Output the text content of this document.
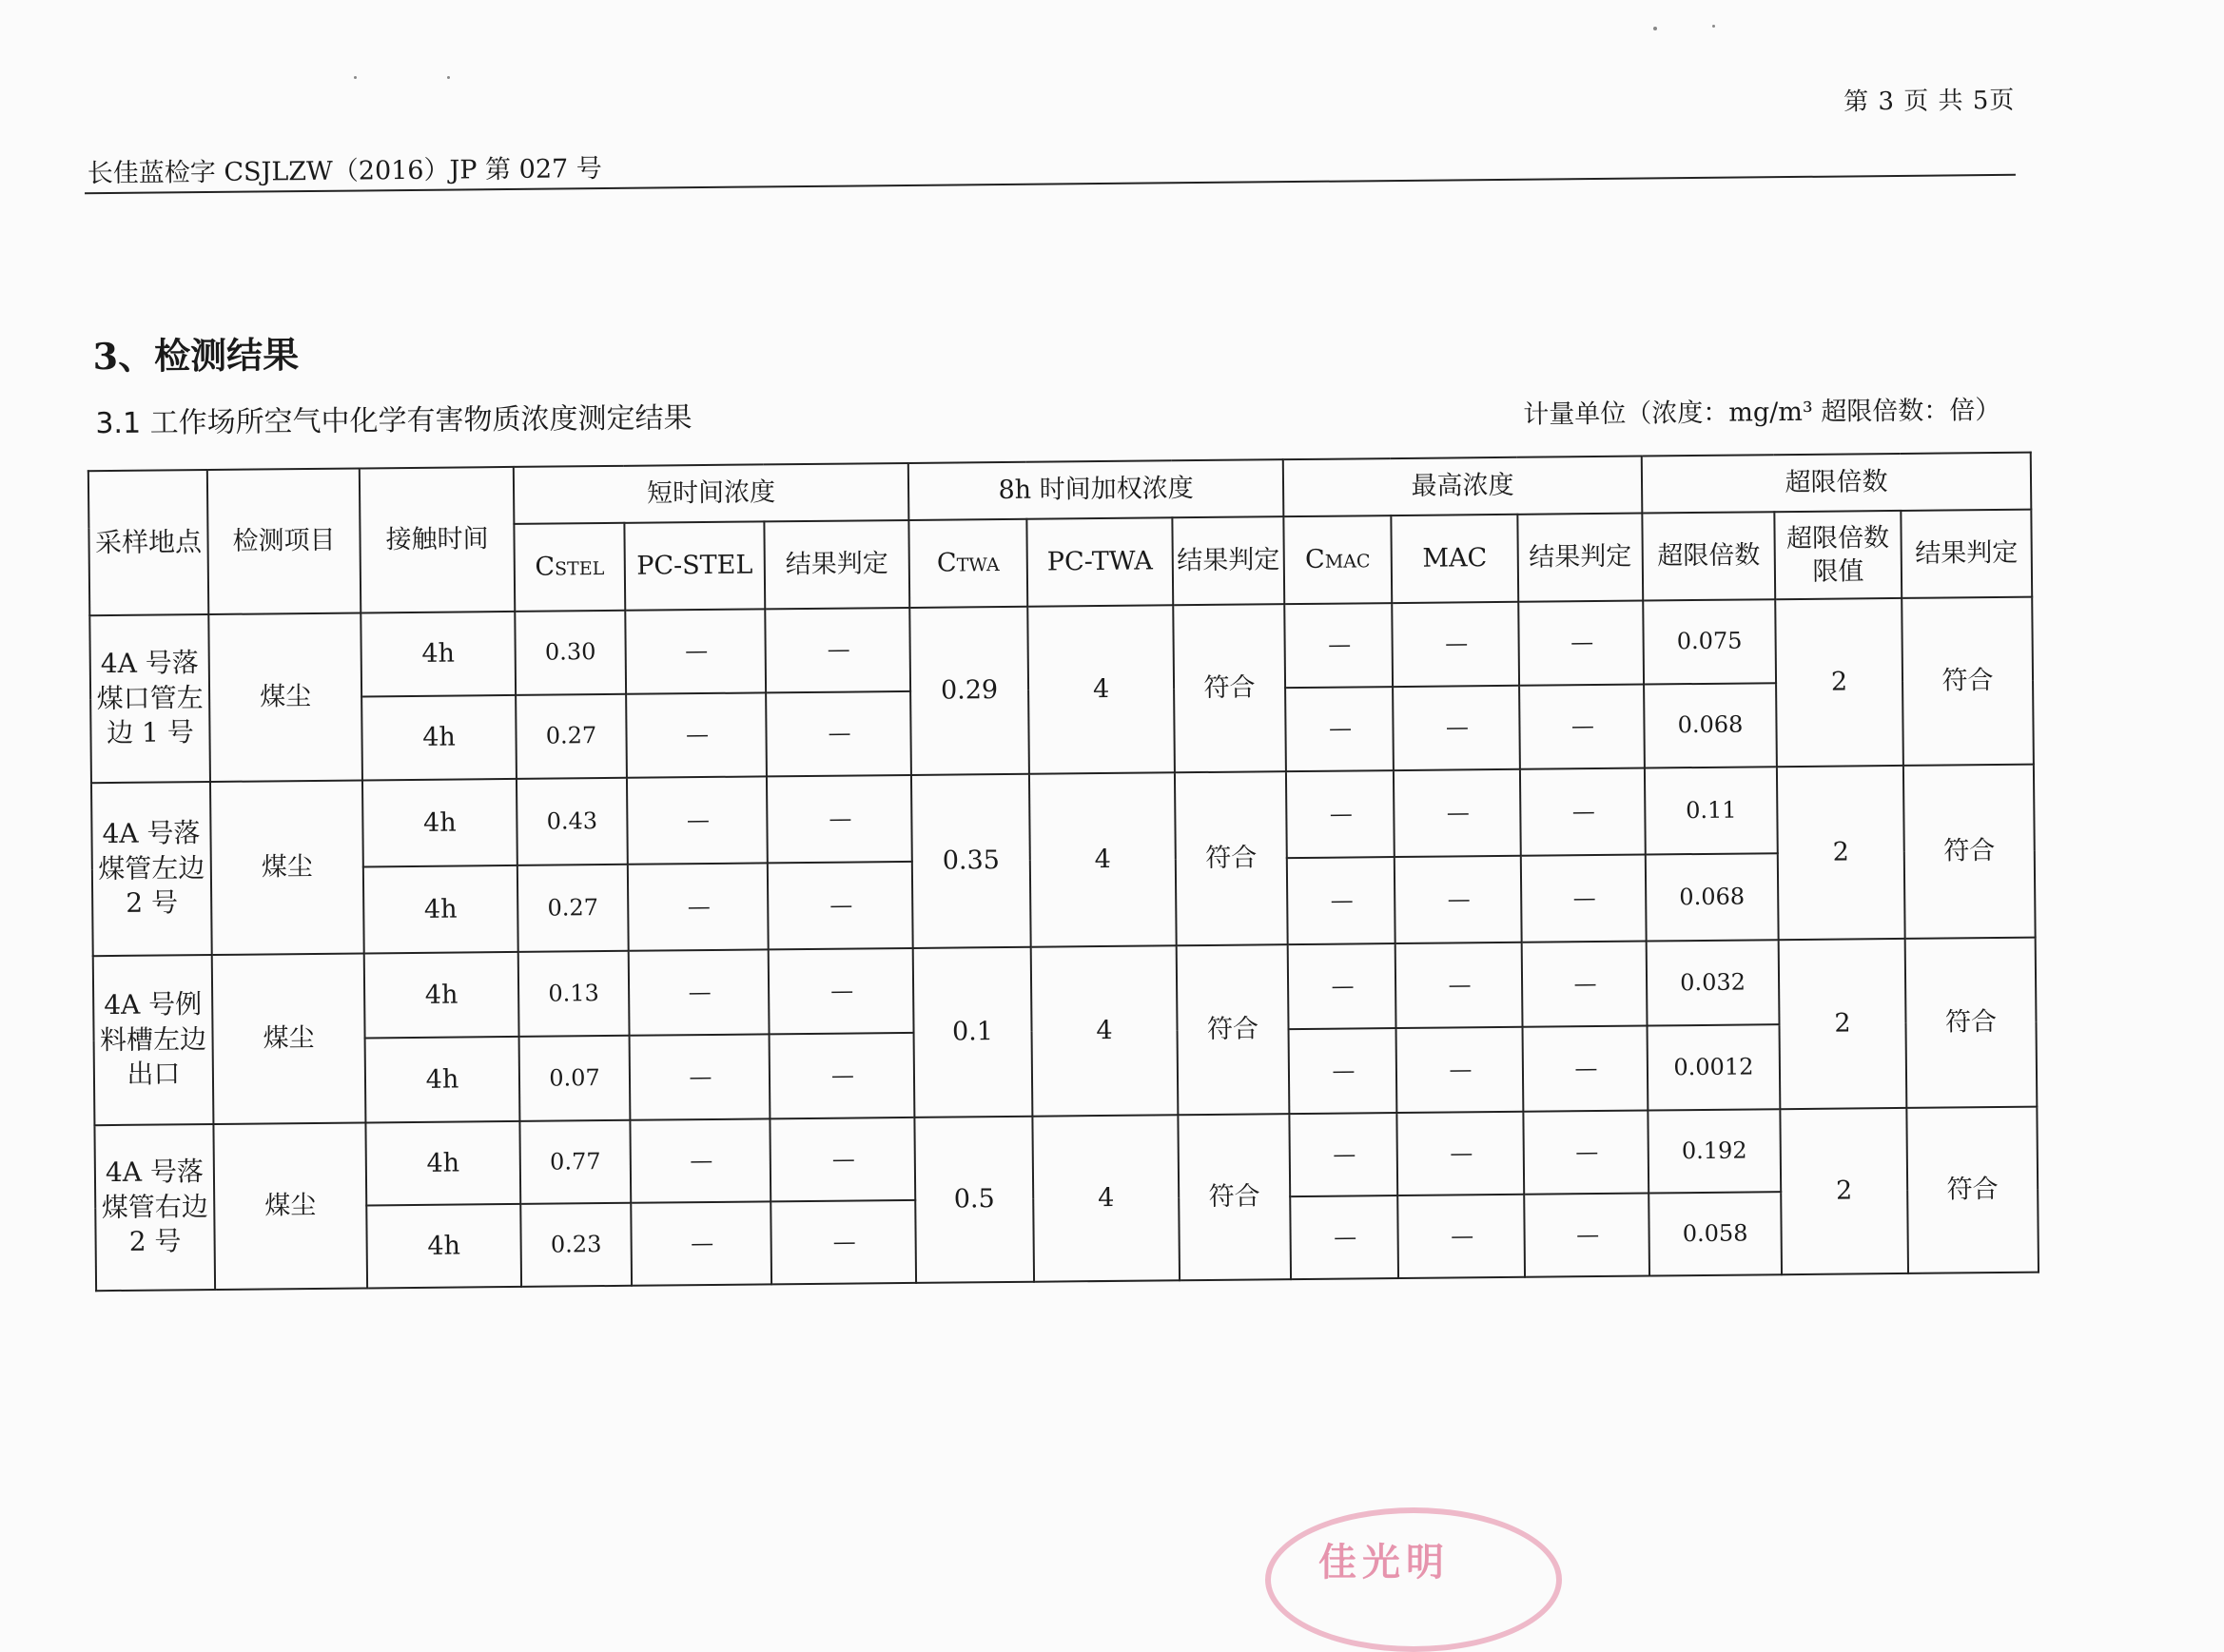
第 3 页 共 5页
长佳蓝检字 CSJLZW（2016）JP 第 027 号
3、检测结果
3.1 工作场所空气中化学有害物质浓度测定结果	计量单位（浓度：mg/m³ 超限倍数：倍）
采样地点	检测项目	接触时间	短时间浓度			8h 时间加权浓度			最高浓度			超限倍数		
			CSTEL	PC-STEL	结果判定	CTWA	PC-TWA	结果判定	CMAC	MAC	结果判定	超限倍数	超限倍数限值	结果判定
4A 号落煤口管左边 1 号	煤尘	4h	0.30	—	—	0.29	4	符合	—	—	—	0.075	2	符合
		4h	0.27	—	—				—	—	—	0.068		
4A 号落煤管左边 2 号	煤尘	4h	0.43	—	—	0.35	4	符合	—	—	—	0.11	2	符合
		4h	0.27	—	—				—	—	—	0.068		
4A 号例料槽左边出口	煤尘	4h	0.13	—	—	0.1	4	符合	—	—	—	0.032	2	符合
		4h	0.07	—	—				—	—	—	0.0012		
4A 号落煤管右边 2 号	煤尘	4h	0.77	—	—	0.5	4	符合	—	—	—	0.192	2	符合
		4h	0.23	—	—				—	—	—	0.058		
佳光明
